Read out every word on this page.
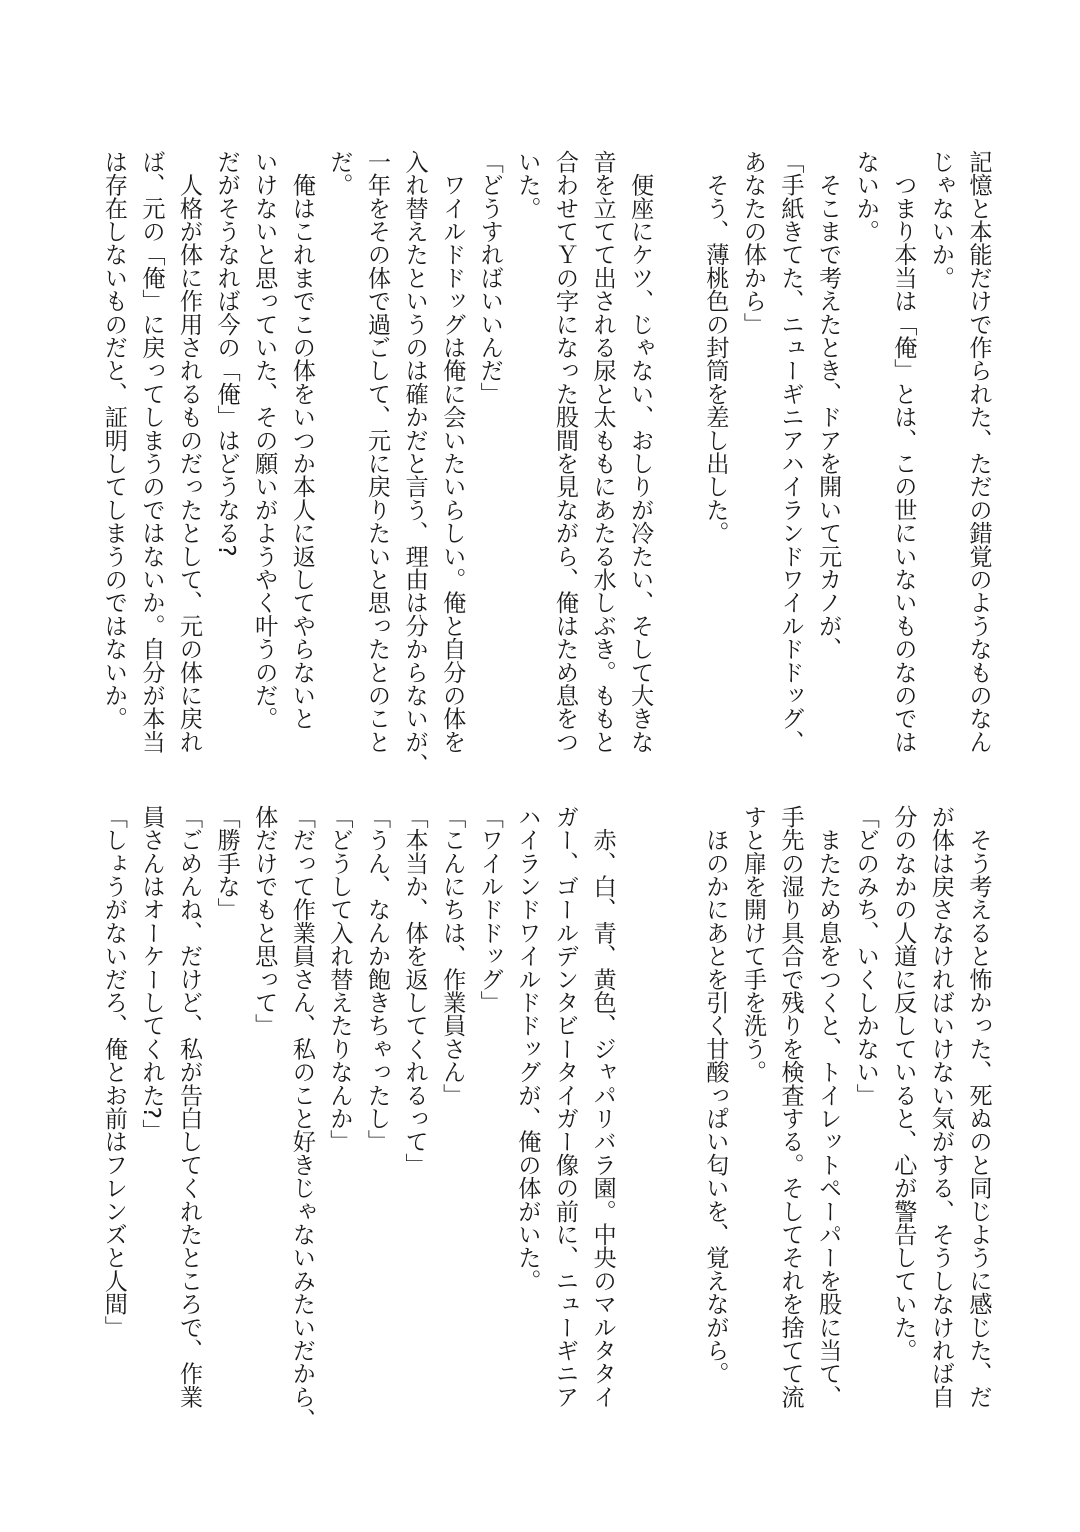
記憶と本能だけで作られた、ただの錯覚のようなものなん
じゃないか。
　つまり本当は「俺」とは、この世にいないものなのでは
ないか。
　そこまで考えたとき、ドアを開いて元カノが、
「手紙きてた、ニューギニアハイランドワイルドドッグ、
あなたの体から」
　そう、薄桃色の封筒を差し出した。
　便座にケツ、じゃない、おしりが冷たい、そして大きな
音を立てて出される尿と太ももにあたる水しぶき。ももと
合わせてＹの字になった股間を見ながら、俺はため息をつ
いた。
「どうすればいいんだ」
　ワイルドドッグは俺に会いたいらしい。俺と自分の体を
入れ替えたというのは確かだと言う、理由は分からないが、
一年をその体で過ごして、元に戻りたいと思ったとのこと
だ。
　俺はこれまでこの体をいつか本人に返してやらないと
いけないと思っていた、その願いがようやく叶うのだ。
だがそうなれば今の「俺」はどうなる?
　人格が体に作用されるものだったとして、元の体に戻れ
ば、元の「俺」に戻ってしまうのではないか。自分が本当
は存在しないものだと、証明してしまうのではないか。
　そう考えると怖かった、死ぬのと同じように感じた、だ
が体は戻さなければいけない気がする、そうしなければ自
分のなかの人道に反していると、心が警告していた。
「どのみち、いくしかない」
　またため息をつくと、トイレットペーパーを股に当て、
手先の湿り具合で残りを検査する。そしてそれを捨てて流
すと扉を開けて手を洗う。
　ほのかにあとを引く甘酸っぱい匂いを、覚えながら。
　赤、白、青、黄色、ジャパリバラ園。中央のマルタタイ
ガー、ゴールデンタビータイガー像の前に、ニューギニア
ハイランドワイルドドッグが、俺の体がいた。
「ワイルドドッグ」
「こんにちは、作業員さん」
「本当か、体を返してくれるって」
「うん、なんか飽きちゃったし」
「どうして入れ替えたりなんか」
「だって作業員さん、私のこと好きじゃないみたいだから、
体だけでもと思って」
「勝手な」
「ごめんね、だけど、私が告白してくれたところで、作業
員さんはオーケーしてくれた?」
「しょうがないだろ、俺とお前はフレンズと人間」
